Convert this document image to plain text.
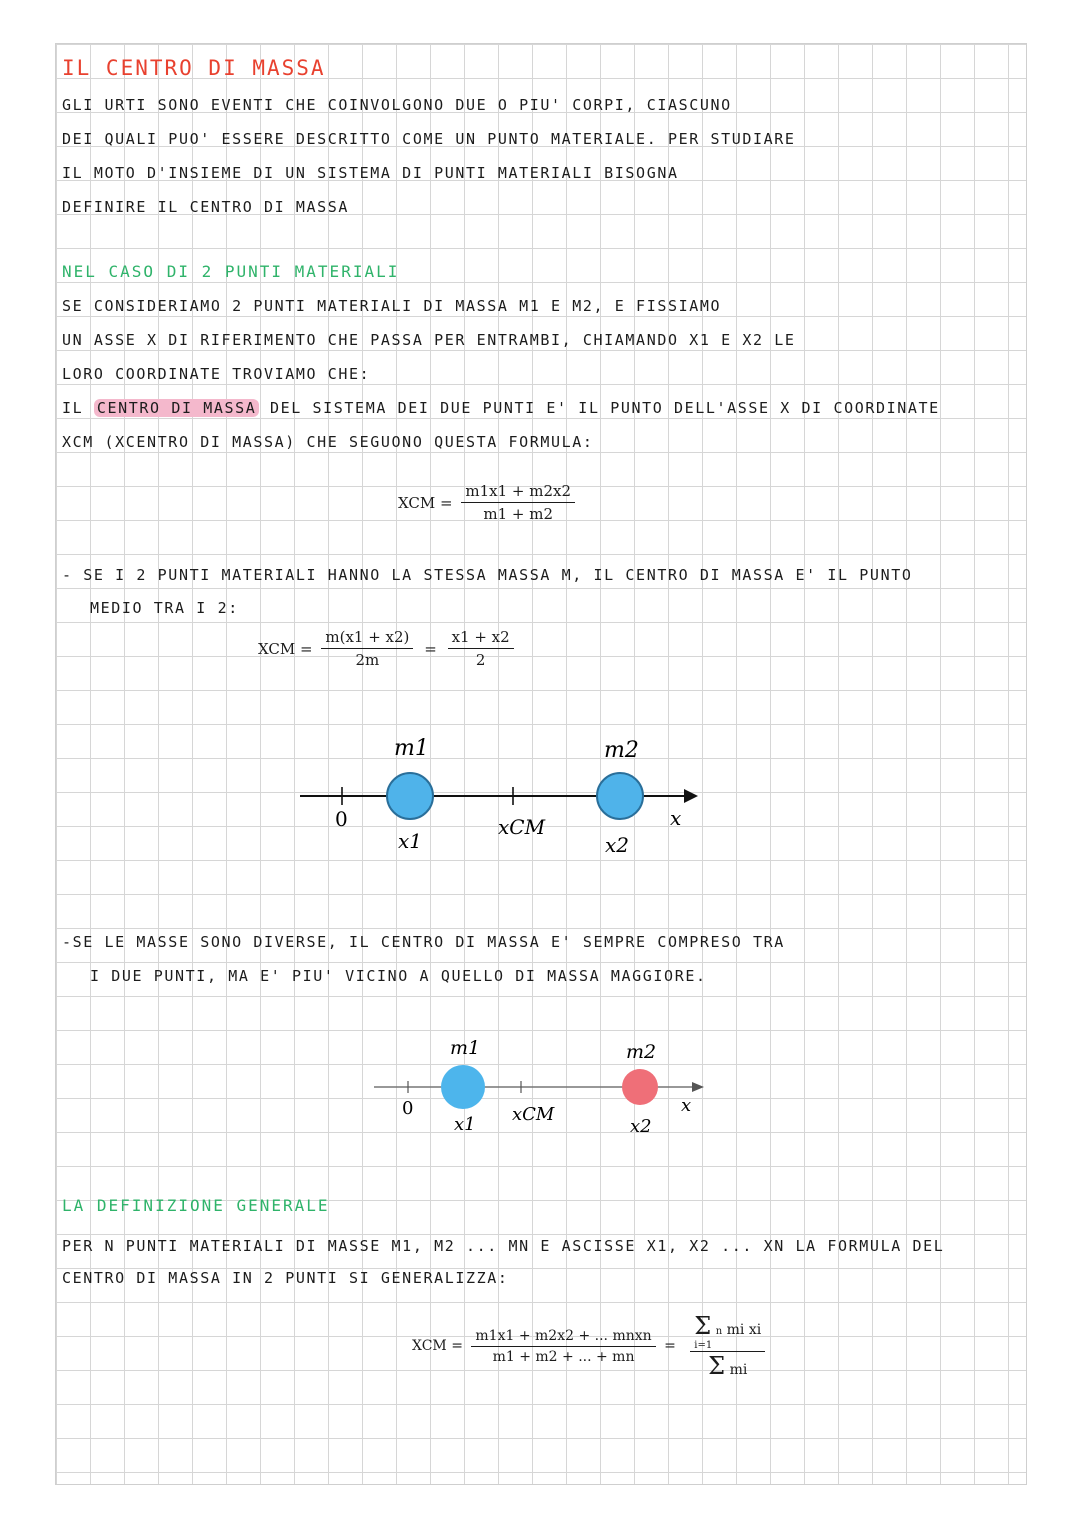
IL CENTRO DI MASSA
GLI URTI SONO EVENTI CHE COINVOLGONO DUE O PIU' CORPI, CIASCUNO
DEI QUALI PUO' ESSERE DESCRITTO COME UN PUNTO MATERIALE. PER STUDIARE
IL MOTO D'INSIEME DI UN SISTEMA DI PUNTI MATERIALI BISOGNA
DEFINIRE IL CENTRO DI MASSA
NEL CASO DI 2 PUNTI MATERIALI
SE CONSIDERIAMO 2 PUNTI MATERIALI DI MASSA M1 E M2, E FISSIAMO
UN ASSE X DI RIFERIMENTO CHE PASSA PER ENTRAMBI, CHIAMANDO X1 E X2 LE
LORO COORDINATE TROVIAMO CHE:
IL CENTRO DI MASSA DEL SISTEMA DEI DUE PUNTI E' IL PUNTO DELL'ASSE X DI COORDINATE
XCM (XCENTRO DI MASSA) CHE SEGUONO QUESTA FORMULA:
XCM = $\frac{m1x1 + m2x2}{m1 + m2}$
- SE I 2 PUNTI MATERIALI HANNO LA STESSA MASSA M, IL CENTRO DI MASSA E' IL PUNTO
MEDIO TRA I 2:
XCM = $\frac{m(x1 + x2)}{2m} = \frac{x1 + x2}{2}$
m1	m2
0
x1
xCM
x2
x
m1	m2
0
x1 xCM
x2
x
-SE LE MASSE SONO DIVERSE, IL CENTRO DI MASSA E' SEMPRE COMPRESO TRA
I DUE PUNTI, MA E' PIU' VICINO A QUELLO DI MASSA MAGGIORE.
LA DEFINIZIONE GENERALE
PER N PUNTI MATERIALI DI MASSE M1, M2 ... MN E ASCISSE X1, X2 ... XN LA FORMULA DEL
CENTRO DI MASSA IN 2 PUNTI SI GENERALIZZA:
XCM = $\frac{\text{m1x1 + m2x2 + ... mnxn}}{m1 + m2 + ... + mn} = \Sigma$ n mi xi
i=1
Σ mi
